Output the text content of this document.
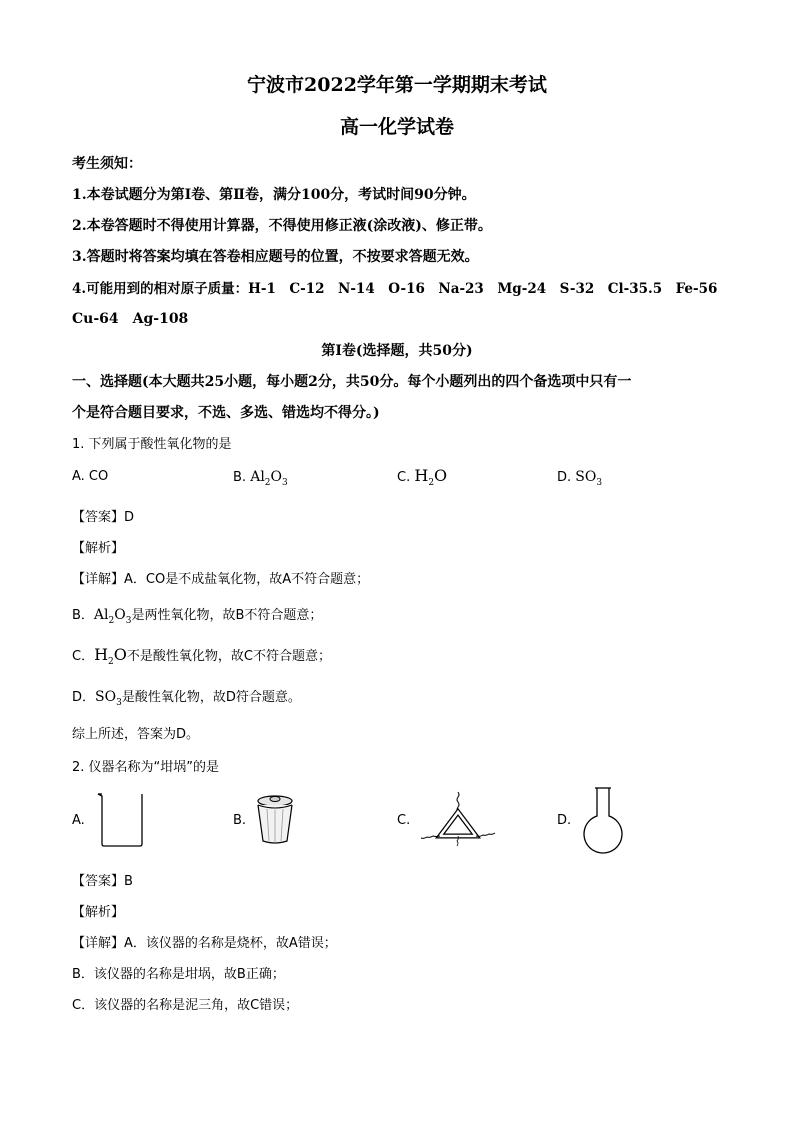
宁波市2022学年第一学期期末考试
高一化学试卷
考生须知：
1.本卷试题分为第Ⅰ卷、第Ⅱ卷，满分100分，考试时间90分钟。
2.本卷答题时不得使用计算器，不得使用修正液(涂改液)、修正带。
3.答题时将答案均填在答卷相应题号的位置，不按要求答题无效。
4.可能用到的相对原子质量：H-1　C-12　N-14　O-16　Na-23　Mg-24　S-32　Cl-35.5　Fe-56
Cu-64　Ag-108
第Ⅰ卷(选择题，共50分)
一、选择题(本大题共25小题，每小题2分，共50分。每个小题列出的四个备选项中只有一
个是符合题目要求，不选、多选、错选均不得分。)
1. 下列属于酸性氧化物的是
A. CO	B. $Al_2O_3$	C. $H_2O$	D. $SO_3$
【答案】D
【解析】
【详解】A．CO是不成盐氧化物，故A不符合题意；
B．$Al_2O_3$是两性氧化物，故B不符合题意；
C．$H_2O$不是酸性氧化物，故C不符合题意；
D．$SO_3$是酸性氧化物，故D符合题意。
综上所述，答案为D。
2. 仪器名称为“坩埚”的是
A.	B.	C.	D.
【答案】B
【解析】
【详解】A．该仪器的名称是烧杯，故A错误；
B．该仪器的名称是坩埚，故B正确；
C．该仪器的名称是泥三角，故C错误；
